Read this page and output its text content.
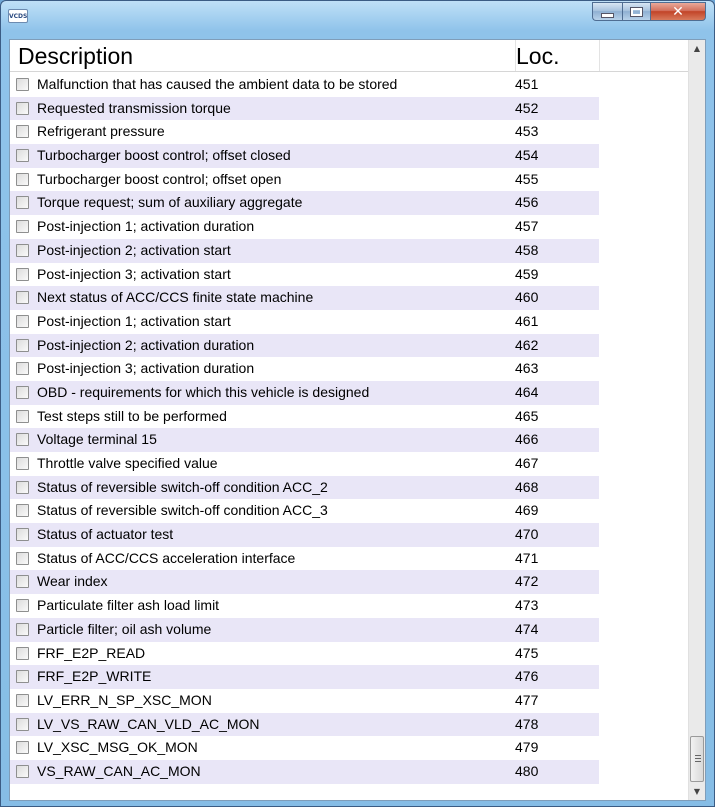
VCDS	✕
Description	Loc.
Malfunction that has caused the ambient data to be stored	451
Requested transmission torque	452
Refrigerant pressure	453
Turbocharger boost control; offset closed	454
Turbocharger boost control; offset open	455
Torque request; sum of auxiliary aggregate	456
Post-injection 1; activation duration	457
Post-injection 2; activation start	458
Post-injection 3; activation start	459
Next status of ACC/CCS finite state machine	460
Post-injection 1; activation start	461
Post-injection 2; activation duration	462
Post-injection 3; activation duration	463
OBD - requirements for which this vehicle is designed	464
Test steps still to be performed	465
Voltage terminal 15	466
Throttle valve specified value	467
Status of reversible switch-off condition ACC_2	468
Status of reversible switch-off condition ACC_3	469
Status of actuator test	470
Status of ACC/CCS acceleration interface	471
Wear index	472
Particulate filter ash load limit	473
Particle filter; oil ash volume	474
FRF_E2P_READ	475
FRF_E2P_WRITE	476
LV_ERR_N_SP_XSC_MON	477
LV_VS_RAW_CAN_VLD_AC_MON	478
LV_XSC_MSG_OK_MON	479
VS_RAW_CAN_AC_MON	480
▲
▼
